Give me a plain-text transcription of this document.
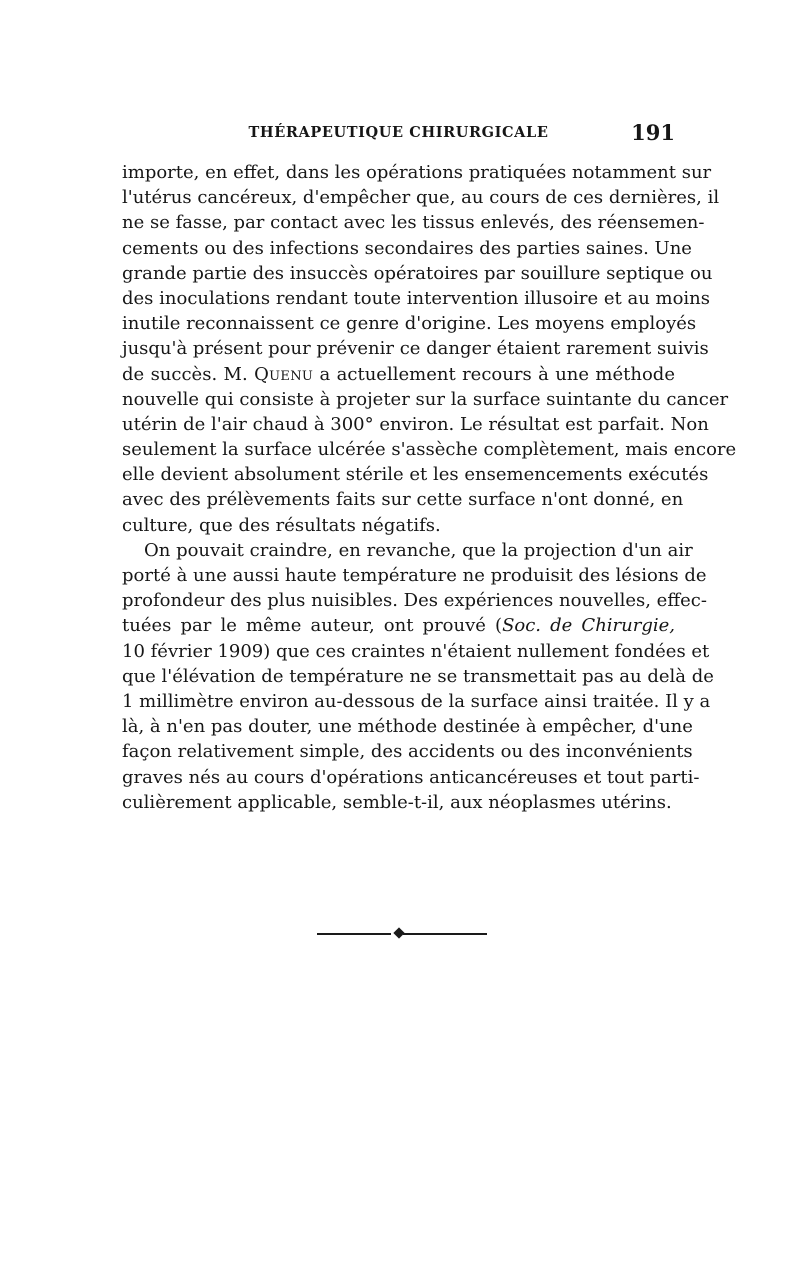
THÉRAPEUTIQUE CHIRURGICALE	191
importe, en effet, dans les opérations pratiquées notamment sur
l'utérus cancéreux, d'empêcher que, au cours de ces dernières, il
ne se fasse, par contact avec les tissus enlevés, des réensemen-
cements ou des infections secondaires des parties saines. Une
grande partie des insuccès opératoires par souillure septique ou
des inoculations rendant toute intervention illusoire et au moins
inutile reconnaissent ce genre d'origine. Les moyens employés
jusqu'à présent pour prévenir ce danger étaient rarement suivis
de succès. M. Quenu a actuellement recours à une méthode
nouvelle qui consiste à projeter sur la surface suintante du cancer
utérin de l'air chaud à 300° environ. Le résultat est parfait. Non
seulement la surface ulcérée s'assèche complètement, mais encore
elle devient absolument stérile et les ensemencements exécutés
avec des prélèvements faits sur cette surface n'ont donné, en
culture, que des résultats négatifs.
On pouvait craindre, en revanche, que la projection d'un air
porté à une aussi haute température ne produisit des lésions de
profondeur des plus nuisibles. Des expériences nouvelles, effec-
tuées par le même auteur, ont prouvé (Soc. de Chirurgie,
10 février 1909) que ces craintes n'étaient nullement fondées et
que l'élévation de température ne se transmettait pas au delà de
1 millimètre environ au-dessous de la surface ainsi traitée. Il y a
là, à n'en pas douter, une méthode destinée à empêcher, d'une
façon relativement simple, des accidents ou des inconvénients
graves nés au cours d'opérations anticancéreuses et tout parti-
culièrement applicable, semble-t-il, aux néoplasmes utérins.
